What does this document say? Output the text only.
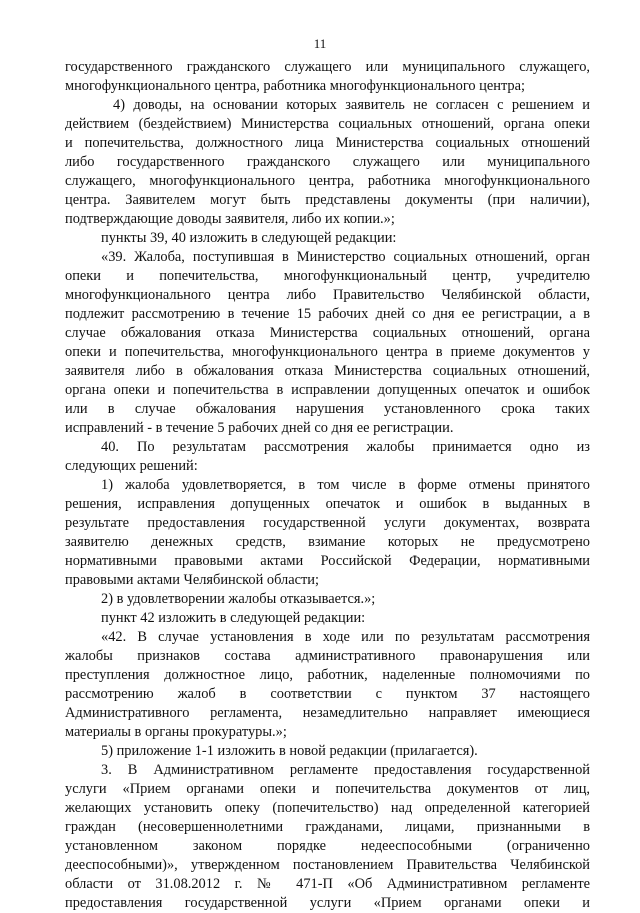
11
государственного гражданского служащего или муниципального служащего,
многофункционального центра, работника многофункционального центра;
4) доводы, на основании которых заявитель не согласен с решением и
действием (бездействием) Министерства социальных отношений, органа опеки
и попечительства, должностного лица Министерства социальных отношений
либо государственного гражданского служащего или муниципального
служащего, многофункционального центра, работника многофункционального
центра. Заявителем могут быть представлены документы (при наличии),
подтверждающие доводы заявителя, либо их копии.»;
пункты 39, 40 изложить в следующей редакции:
«39. Жалоба, поступившая в Министерство социальных отношений, орган
опеки и попечительства, многофункциональный центр, учредителю
многофункционального центра либо Правительство Челябинской области,
подлежит рассмотрению в течение 15 рабочих дней со дня ее регистрации, а в
случае обжалования отказа Министерства социальных отношений, органа
опеки и попечительства, многофункционального центра в приеме документов у
заявителя либо в обжалования отказа Министерства социальных отношений,
органа опеки и попечительства в исправлении допущенных опечаток и ошибок
или в случае обжалования нарушения установленного срока таких
исправлений - в течение 5 рабочих дней со дня ее регистрации.
40. По результатам рассмотрения жалобы принимается одно из
следующих решений:
1) жалоба удовлетворяется, в том числе в форме отмены принятого
решения, исправления допущенных опечаток и ошибок в выданных в
результате предоставления государственной услуги документах, возврата
заявителю денежных средств, взимание которых не предусмотрено
нормативными правовыми актами Российской Федерации, нормативными
правовыми актами Челябинской области;
2) в удовлетворении жалобы отказывается.»;
пункт 42 изложить в следующей редакции:
«42. В случае установления в ходе или по результатам рассмотрения
жалобы признаков состава административного правонарушения или
преступления должностное лицо, работник, наделенные полномочиями по
рассмотрению жалоб в соответствии с пунктом 37 настоящего
Административного регламента, незамедлительно направляет имеющиеся
материалы в органы прокуратуры.»;
5) приложение 1-1 изложить в новой редакции (прилагается).
3. В Административном регламенте предоставления государственной
услуги «Прием органами опеки и попечительства документов от лиц,
желающих установить опеку (попечительство) над определенной категорией
граждан (несовершеннолетними гражданами, лицами, признанными в
установленном законом порядке недееспособными (ограниченно
дееспособными)», утвержденном постановлением Правительства Челябинской
области от 31.08.2012 г. № 471-П «Об Административном регламенте
предоставления государственной услуги «Прием органами опеки и
